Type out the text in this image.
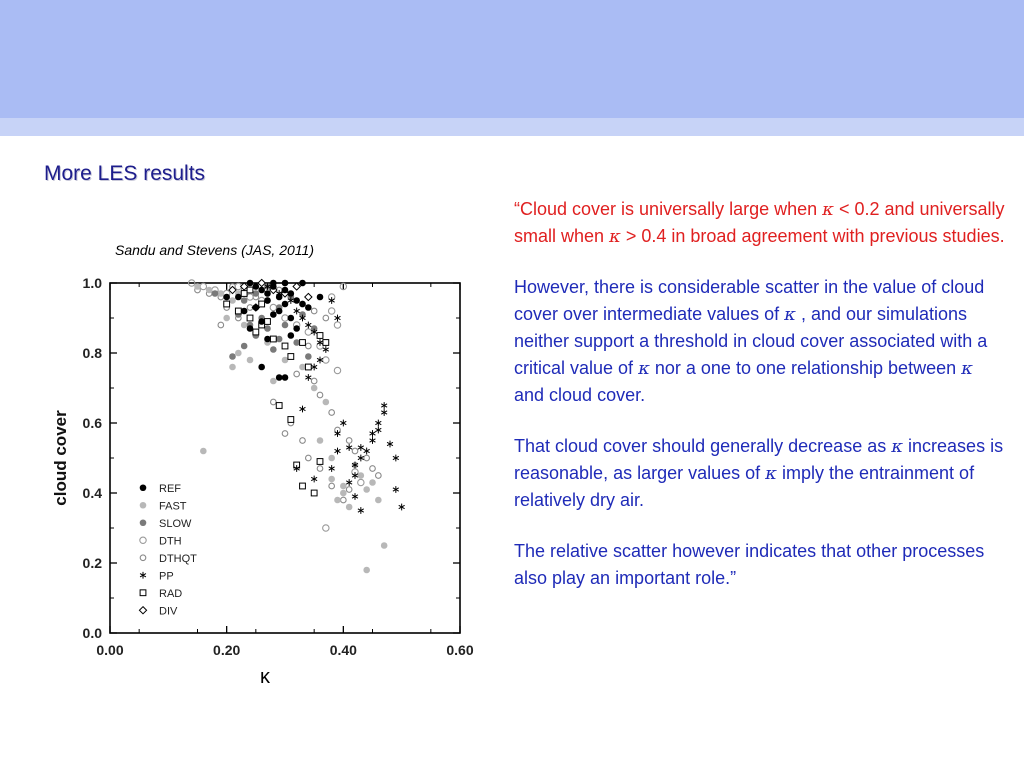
More LES results
Sandu and Stevens (JAS, 2011)

“Cloud cover is universally large when κ < 0.2 and universally small when κ > 0.4 in broad agreement with previous studies.

However, there is considerable scatter in the value of cloud cover over intermediate values of κ , and our simulations neither support a threshold in cloud cover associated with a critical value of κ nor a one to one relationship between κ and cloud cover.

That cloud cover should generally decrease as κ increases is reasonable, as larger values of κ imply the entrainment of relatively dry air.

The relative scatter however indicates that other processes also play an important role.”

0.00	0.20	0.40	0.60
0.0
0.2
0.4
0.6
0.8
1.0
κ
cloud cover	REF
FAST
SLOW
DTH
DTHQT
PP
RAD
DIV
